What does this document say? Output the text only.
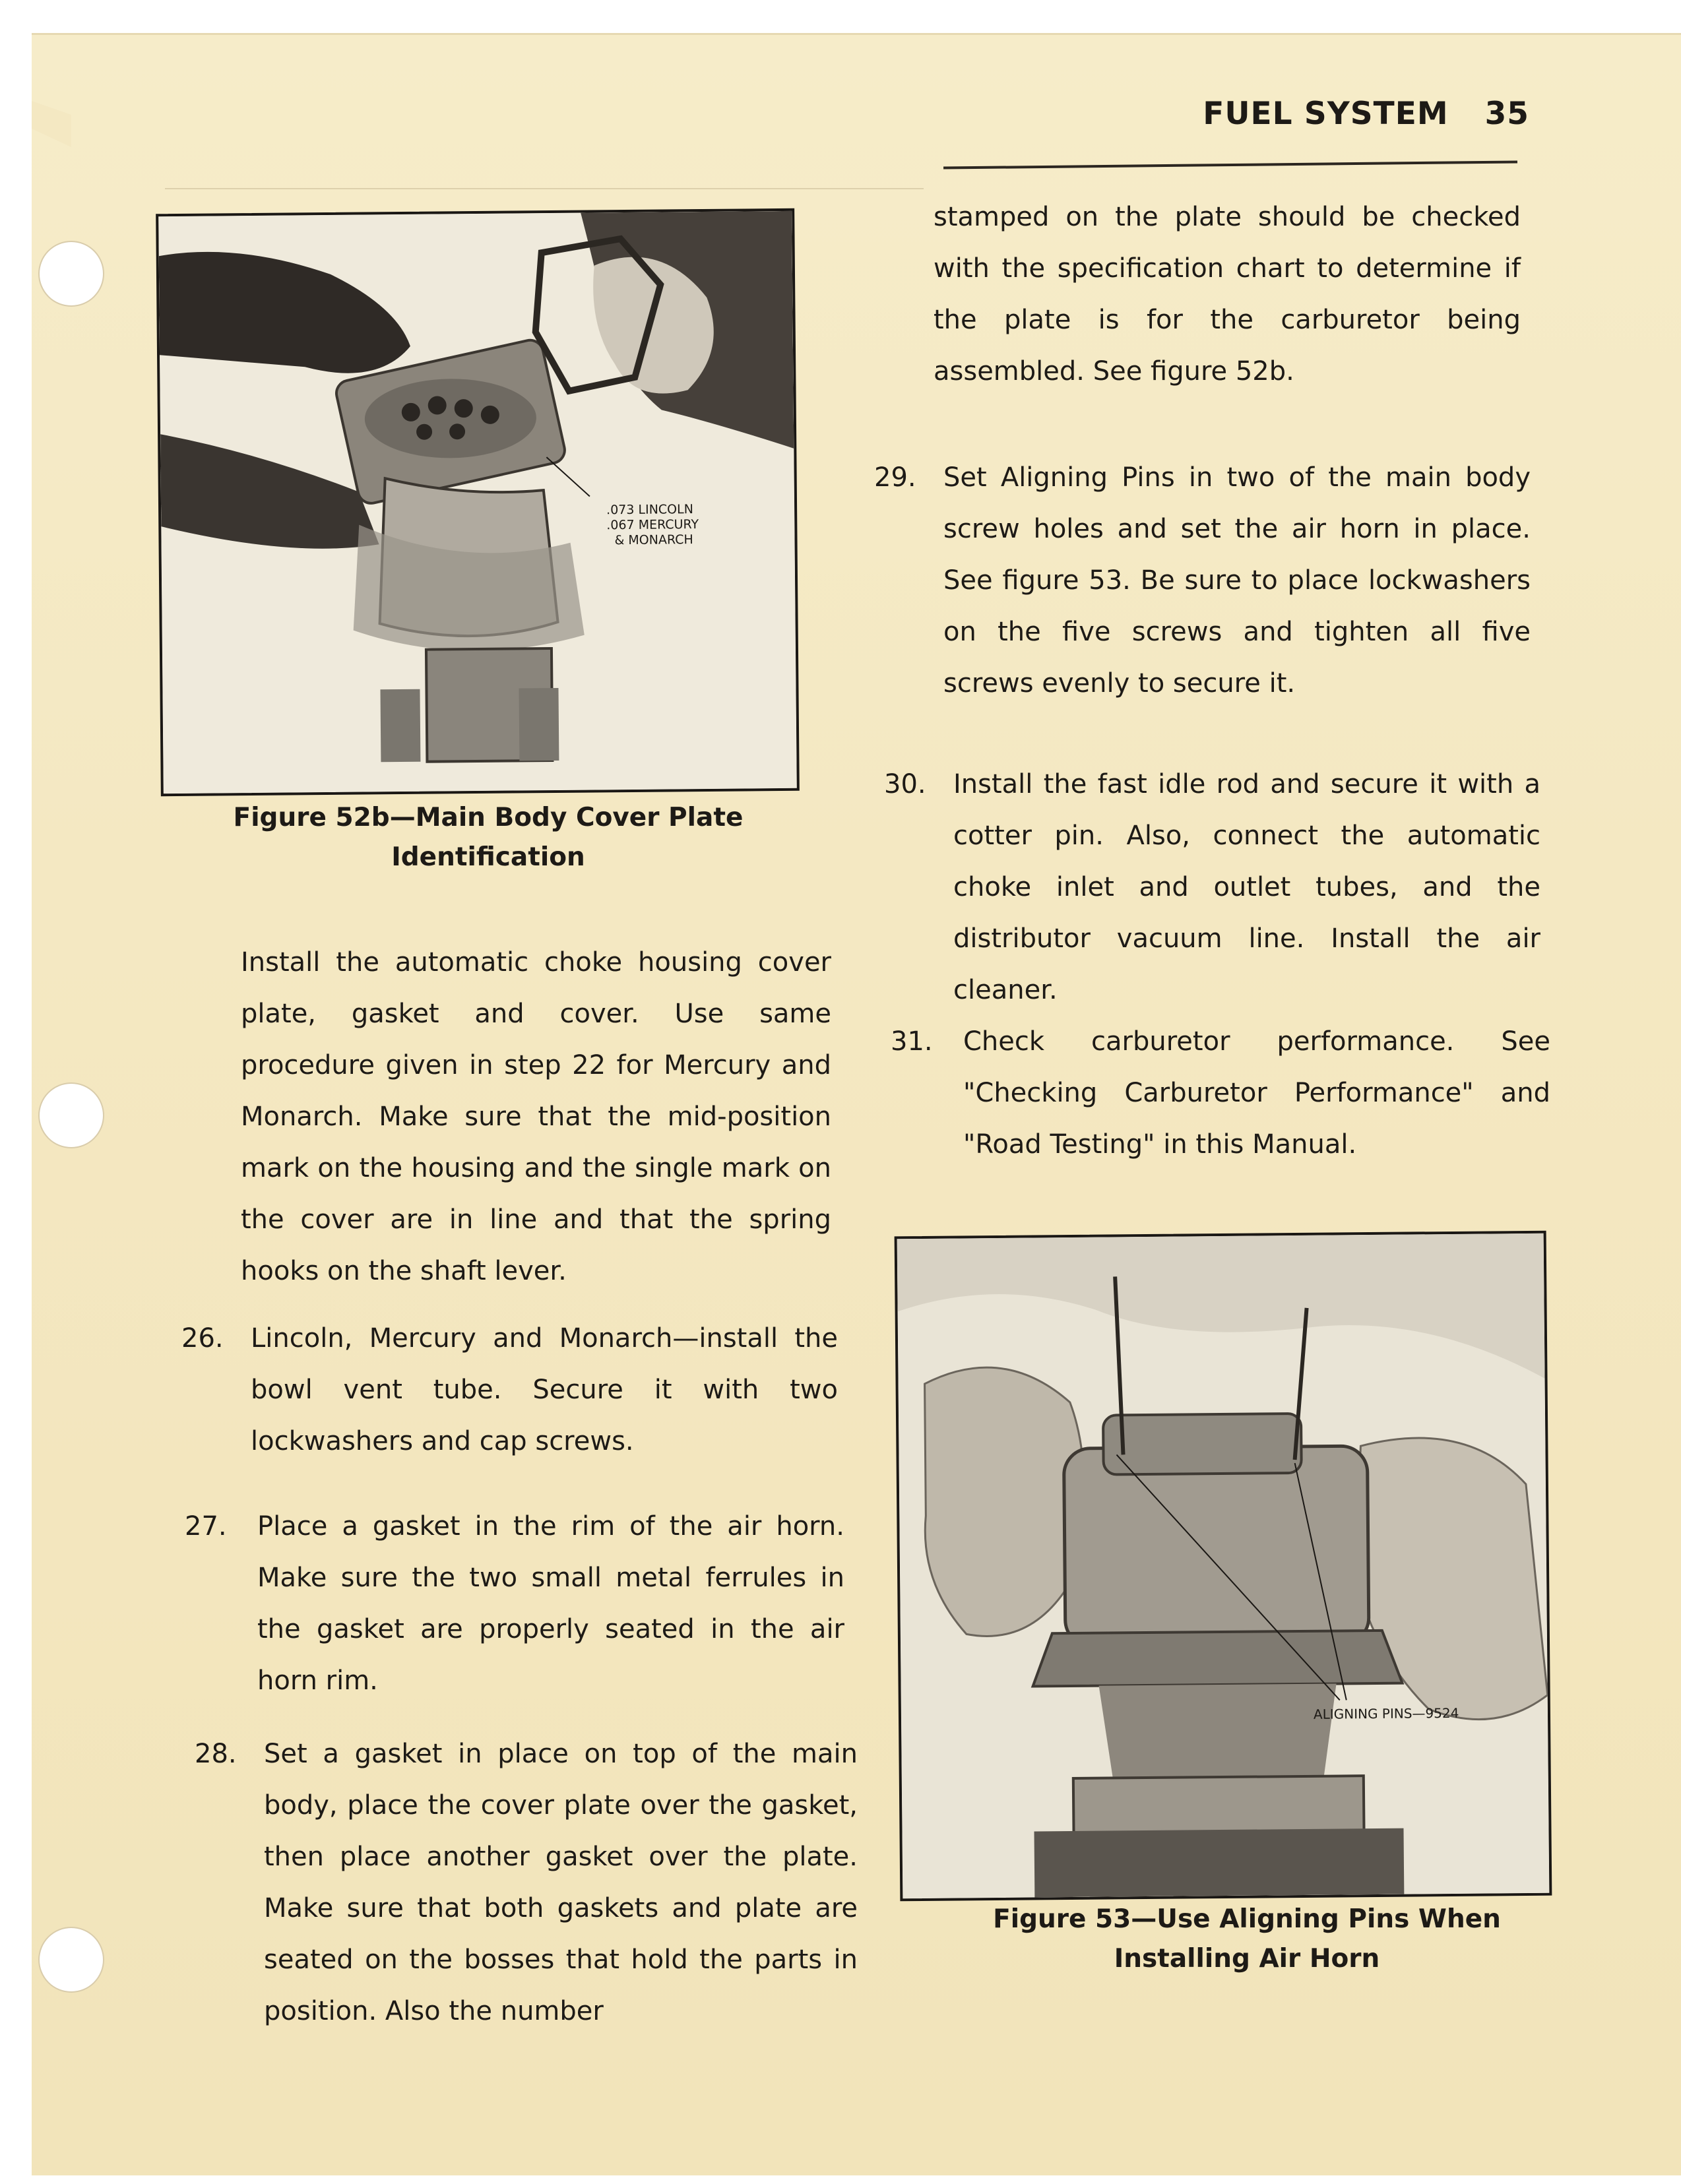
FUEL SYSTEM 35
.073 LINCOLN
.067 MERCURY
& MONARCH
Figure 52b—Main Body Cover Plate
Identification
Install the automatic choke housing cover plate, gasket and cover. Use same procedure given in step 22 for Mercury and Monarch. Make sure that the mid-position mark on the housing and the single mark on the cover are in line and that the spring hooks on the shaft lever.
26. Lincoln, Mercury and Monarch—install the bowl vent tube. Secure it with two lockwashers and cap screws.
27. Place a gasket in the rim of the air horn. Make sure the two small metal ferrules in the gasket are properly seated in the air horn rim.
28. Set a gasket in place on top of the main body, place the cover plate over the gasket, then place another gasket over the plate. Make sure that both gaskets and plate are seated on the bosses that hold the parts in position. Also the number
stamped on the plate should be checked with the specification chart to determine if the plate is for the carburetor being assembled. See figure 52b.
29. Set Aligning Pins in two of the main body screw holes and set the air horn in place. See figure 53. Be sure to place lockwashers on the five screws and tighten all five screws evenly to secure it.
30. Install the fast idle rod and secure it with a cotter pin. Also, connect the automatic choke inlet and outlet tubes, and the distributor vacuum line. Install the air cleaner.
31. Check carburetor performance. See "Checking Carburetor Performance" and "Road Testing" in this Manual.
ALIGNING PINS—9524
Figure 53—Use Aligning Pins When
Installing Air Horn
